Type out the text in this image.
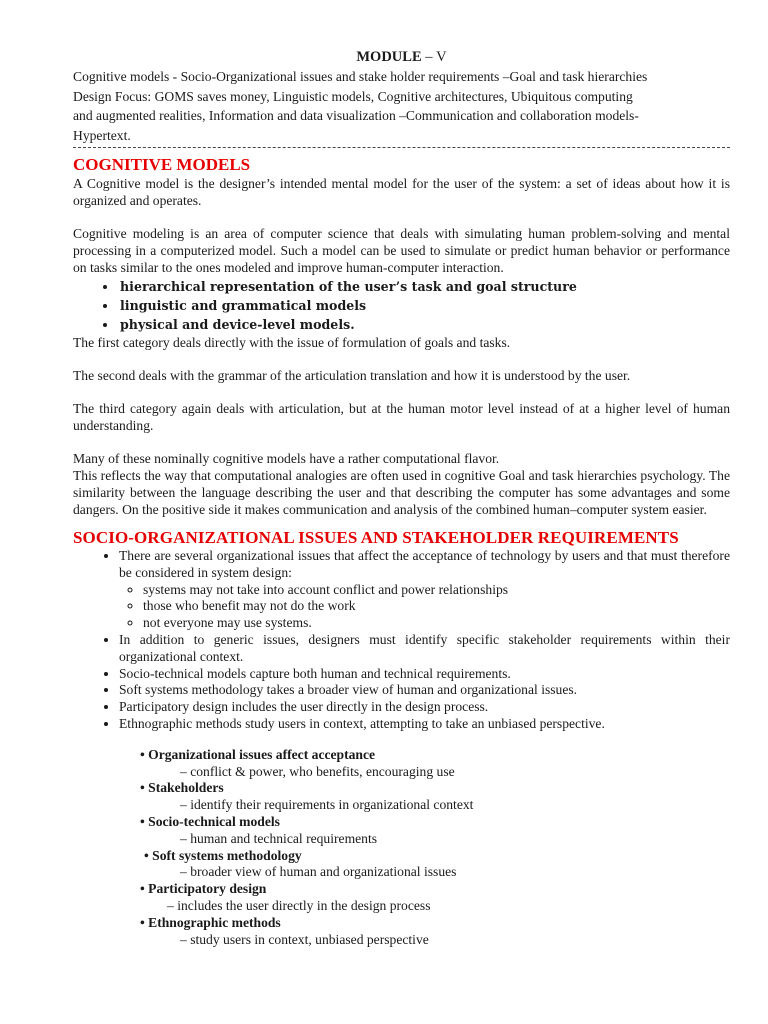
MODULE – V
Cognitive models - Socio-Organizational issues and stake holder requirements –Goal and task hierarchies
Design Focus: GOMS saves money, Linguistic models, Cognitive architectures, Ubiquitous computing
and augmented realities, Information and data visualization –Communication and collaboration models-
Hypertext.
COGNITIVE MODELS

A Cognitive model is the designer’s intended mental model for the user of the system: a set of ideas about how it is organized and operates.

Cognitive modeling is an area of computer science that deals with simulating human problem-solving and mental processing in a computerized model. Such a model can be used to simulate or predict human behavior or performance on tasks similar to the ones modeled and improve human-computer interaction.

• hierarchical representation of the user’s task and goal structure
• linguistic and grammatical models
• physical and device-level models.

The first category deals directly with the issue of formulation of goals and tasks.

The second deals with the grammar of the articulation translation and how it is understood by the user.

The third category again deals with articulation, but at the human motor level instead of at a higher level of human understanding.

Many of these nominally cognitive models have a rather computational flavor.

This reflects the way that computational analogies are often used in cognitive Goal and task hierarchies psychology. The similarity between the language describing the user and that describing the computer has some advantages and some dangers. On the positive side it makes communication and analysis of the combined human–computer system easier.

SOCIO-ORGANIZATIONAL ISSUES AND STAKEHOLDER REQUIREMENTS
• There are several organizational issues that affect the acceptance of technology by users and that must therefore be considered in system design:
◦ systems may not take into account conflict and power relationships
◦ those who benefit may not do the work
◦ not everyone may use systems.
• In addition to generic issues, designers must identify specific stakeholder requirements within their organizational context.
• Socio-technical models capture both human and technical requirements.
• Soft systems methodology takes a broader view of human and organizational issues.
• Participatory design includes the user directly in the design process.
• Ethnographic methods study users in context, attempting to take an unbiased perspective.
• Organizational issues affect acceptance
– conflict & power, who benefits, encouraging use
• Stakeholders
– identify their requirements in organizational context
• Socio-technical models
– human and technical requirements
• Soft systems methodology
– broader view of human and organizational issues
• Participatory design
– includes the user directly in the design process
• Ethnographic methods
– study users in context, unbiased perspective
